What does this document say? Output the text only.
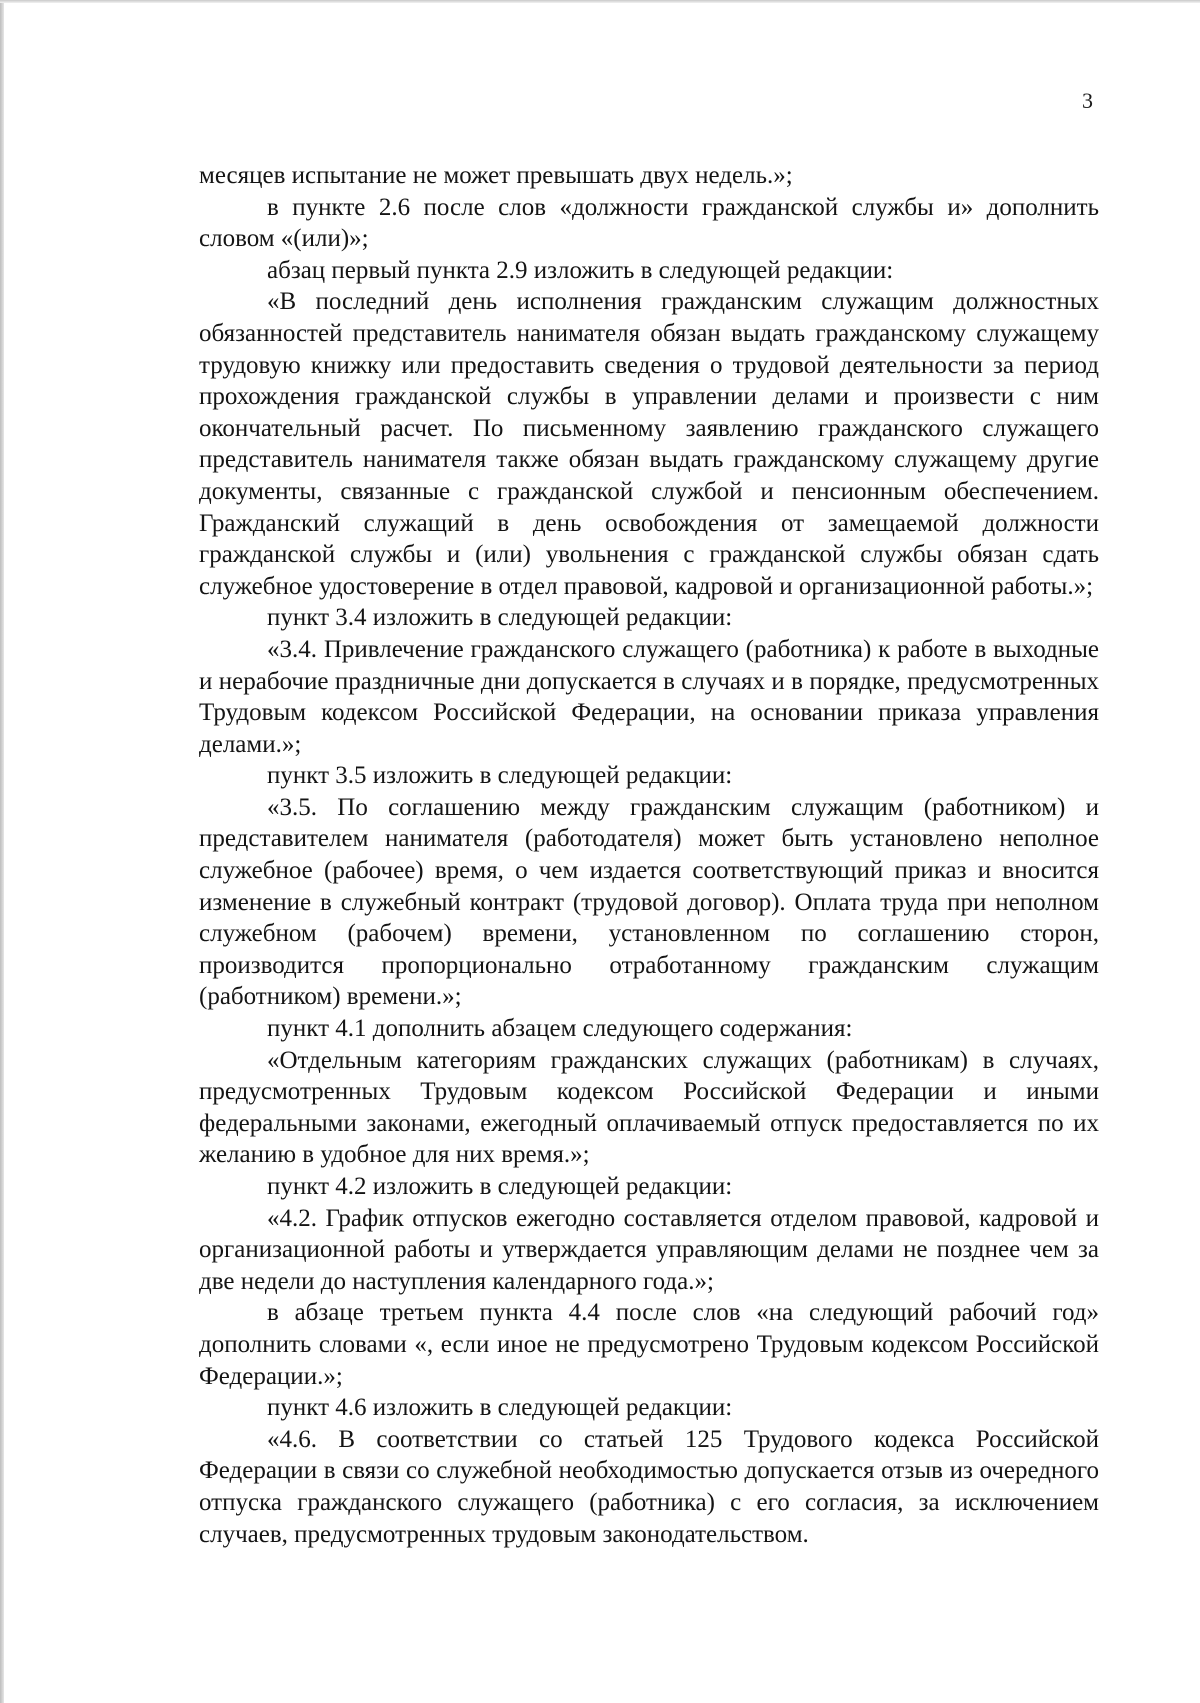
3

месяцев испытание не может превышать двух недель.»;

в пункте 2.6 после слов «должности гражданской службы и» дополнить словом «(или)»;

абзац первый пункта 2.9 изложить в следующей редакции:

«В последний день исполнения гражданским служащим должностных обязанностей представитель нанимателя обязан выдать гражданскому служащему трудовую книжку или предоставить сведения о трудовой деятельности за период прохождения гражданской службы в управлении делами и произвести с ним окончательный расчет. По письменному заявлению гражданского служащего представитель нанимателя также обязан выдать гражданскому служащему другие документы, связанные с гражданской службой и пенсионным обеспечением. Гражданский служащий в день освобождения от замещаемой должности гражданской службы и (или) увольнения с гражданской службы обязан сдать служебное удостоверение в отдел правовой, кадровой и организационной работы.»;

пункт 3.4 изложить в следующей редакции:

«3.4. Привлечение гражданского служащего (работника) к работе в выходные и нерабочие праздничные дни допускается в случаях и в порядке, предусмотренных Трудовым кодексом Российской Федерации, на основании приказа управления делами.»;

пункт 3.5 изложить в следующей редакции:

«3.5. По соглашению между гражданским служащим (работником) и представителем нанимателя (работодателя) может быть установлено неполное служебное (рабочее) время, о чем издается соответствующий приказ и вносится изменение в служебный контракт (трудовой договор). Оплата труда при неполном служебном (рабочем) времени, установленном по соглашению сторон, производится пропорционально отработанному гражданским служащим (работником) времени.»;

пункт 4.1 дополнить абзацем следующего содержания:

«Отдельным категориям гражданских служащих (работникам) в случаях, предусмотренных Трудовым кодексом Российской Федерации и иными федеральными законами, ежегодный оплачиваемый отпуск предоставляется по их желанию в удобное для них время.»;

пункт 4.2 изложить в следующей редакции:

«4.2. График отпусков ежегодно составляется отделом правовой, кадровой и организационной работы и утверждается управляющим делами не позднее чем за две недели до наступления календарного года.»;

в абзаце третьем пункта 4.4 после слов «на следующий рабочий год» дополнить словами «, если иное не предусмотрено Трудовым кодексом Российской Федерации.»;

пункт 4.6 изложить в следующей редакции:

«4.6. В соответствии со статьей 125 Трудового кодекса Российской Федерации в связи со служебной необходимостью допускается отзыв из очередного отпуска гражданского служащего (работника) с его согласия, за исключением случаев, предусмотренных трудовым законодательством.
